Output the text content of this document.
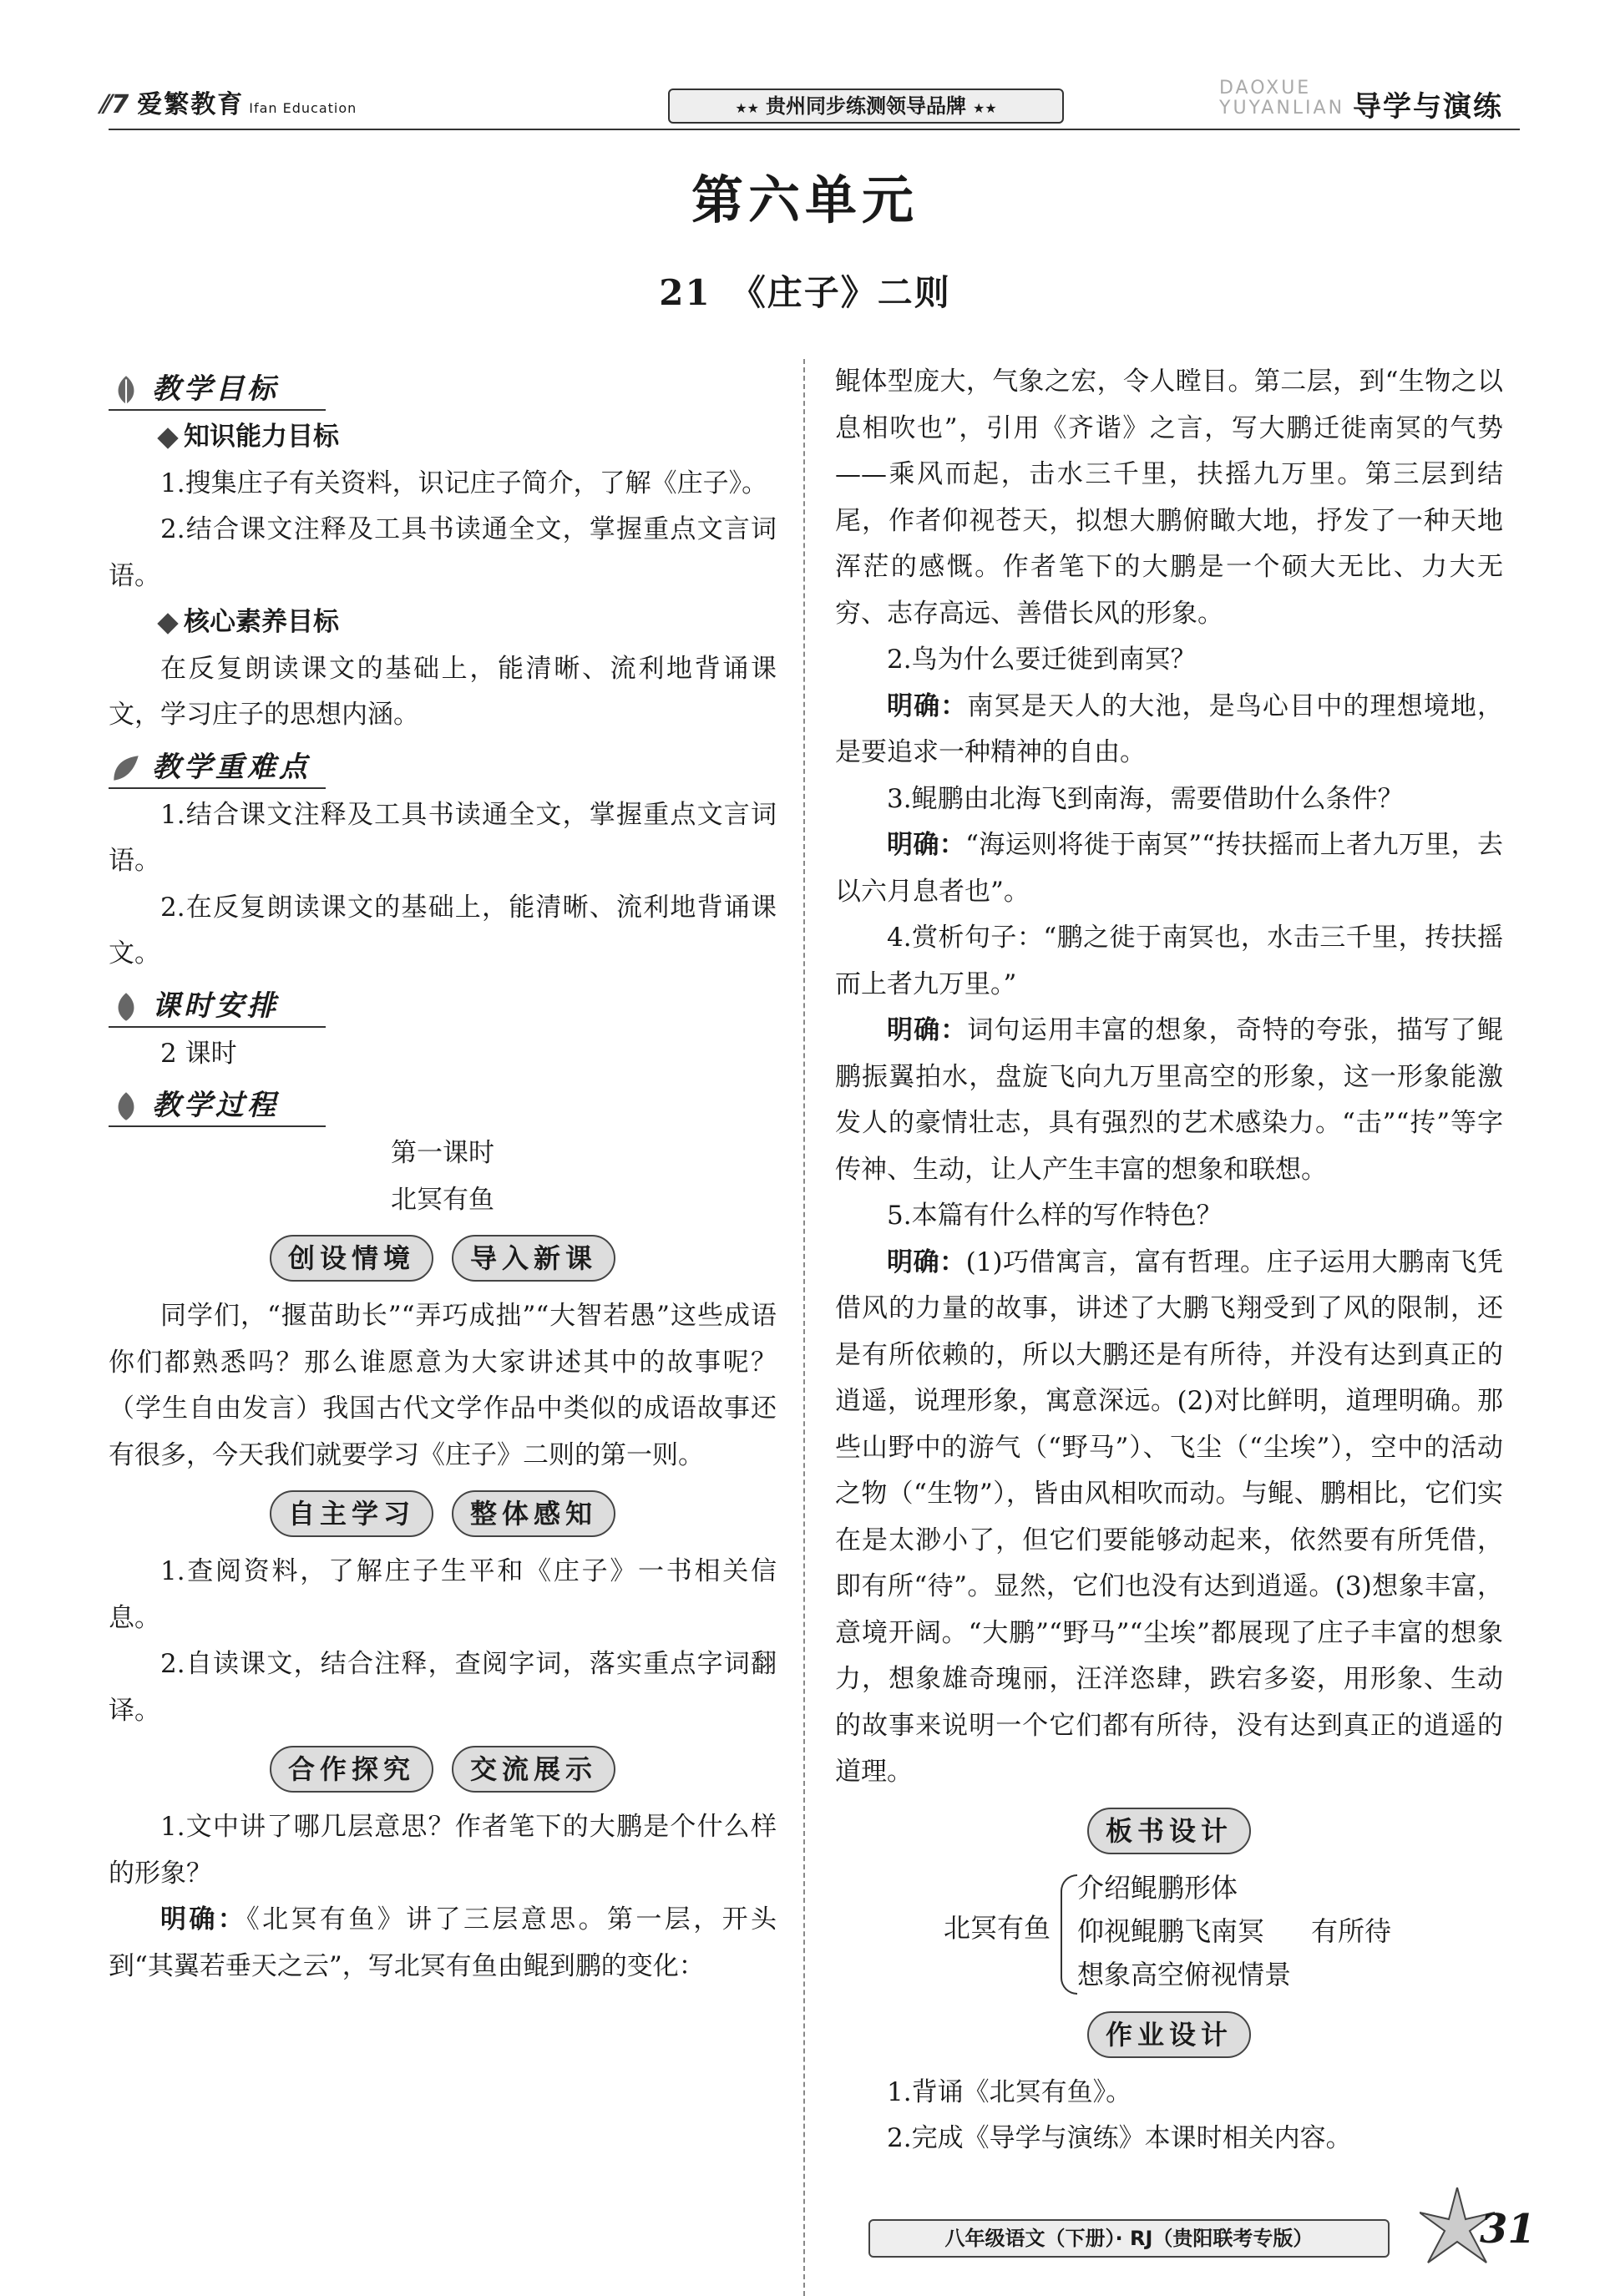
⫽7 爱繁教育 Ifan Education	★★ 贵州同步练测领导品牌 ★★
DAOXUE
YUYANLIAN 导学与演练
第六单元
21　《庄子》二则
教学目标

知识能力目标

1.搜集庄子有关资料，识记庄子简介，了解《庄子》。

2.结合课文注释及工具书读通全文，掌握重点文言词语。

核心素养目标

在反复朗读课文的基础上，能清晰、流利地背诵课文，学习庄子的思想内涵。

教学重难点

1.结合课文注释及工具书读通全文，掌握重点文言词语。

2.在反复朗读课文的基础上，能清晰、流利地背诵课文。

课时安排

2 课时

教学过程

第一课时

北冥有鱼

创设情境	导入新课

同学们，“揠苗助长”“弄巧成拙”“大智若愚”这些成语你们都熟悉吗？那么谁愿意为大家讲述其中的故事呢？（学生自由发言）我国古代文学作品中类似的成语故事还有很多，今天我们就要学习《庄子》二则的第一则。

自主学习	整体感知

1.查阅资料，了解庄子生平和《庄子》一书相关信息。

2.自读课文，结合注释，查阅字词，落实重点字词翻译。

合作探究	交流展示

1.文中讲了哪几层意思？作者笔下的大鹏是个什么样的形象？

明确：《北冥有鱼》讲了三层意思。第一层，开头到“其翼若垂天之云”，写北冥有鱼由鲲到鹏的变化：

鲲体型庞大，气象之宏，令人瞠目。第二层，到“生物之以息相吹也”，引用《齐谐》之言，写大鹏迁徙南冥的气势——乘风而起，击水三千里，扶摇九万里。第三层到结尾，作者仰视苍天，拟想大鹏俯瞰大地，抒发了一种天地浑茫的感慨。作者笔下的大鹏是一个硕大无比、力大无穷、志存高远、善借长风的形象。

2.鸟为什么要迁徙到南冥？

明确：南冥是天人的大池，是鸟心目中的理想境地，是要追求一种精神的自由。

3.鲲鹏由北海飞到南海，需要借助什么条件？

明确：“海运则将徙于南冥”“抟扶摇而上者九万里，去以六月息者也”。

4.赏析句子：“鹏之徙于南冥也，水击三千里，抟扶摇而上者九万里。”

明确：词句运用丰富的想象，奇特的夸张，描写了鲲鹏振翼拍水，盘旋飞向九万里高空的形象，这一形象能激发人的豪情壮志，具有强烈的艺术感染力。“击”“抟”等字传神、生动，让人产生丰富的想象和联想。

5.本篇有什么样的写作特色？

明确：(1)巧借寓言，富有哲理。庄子运用大鹏南飞凭借风的力量的故事，讲述了大鹏飞翔受到了风的限制，还是有所依赖的，所以大鹏还是有所待，并没有达到真正的逍遥，说理形象，寓意深远。(2)对比鲜明，道理明确。那些山野中的游气（“野马”）、飞尘（“尘埃”），空中的活动之物（“生物”），皆由风相吹而动。与鲲、鹏相比，它们实在是太渺小了，但它们要能够动起来，依然要有所凭借，即有所“待”。显然，它们也没有达到逍遥。(3)想象丰富，意境开阔。“大鹏”“野马”“尘埃”都展现了庄子丰富的想象力，想象雄奇瑰丽，汪洋恣肆，跌宕多姿，用形象、生动的故事来说明一个它们都有所待，没有达到真正的逍遥的道理。

板书设计
北冥有鱼
介绍鲲鹏形体
仰视鲲鹏飞南冥 有所待
想象高空俯视情景
作业设计

1.背诵《北冥有鱼》。

2.完成《导学与演练》本课时相关内容。

八年级语文（下册）· RJ（贵阳联考专版）	31
